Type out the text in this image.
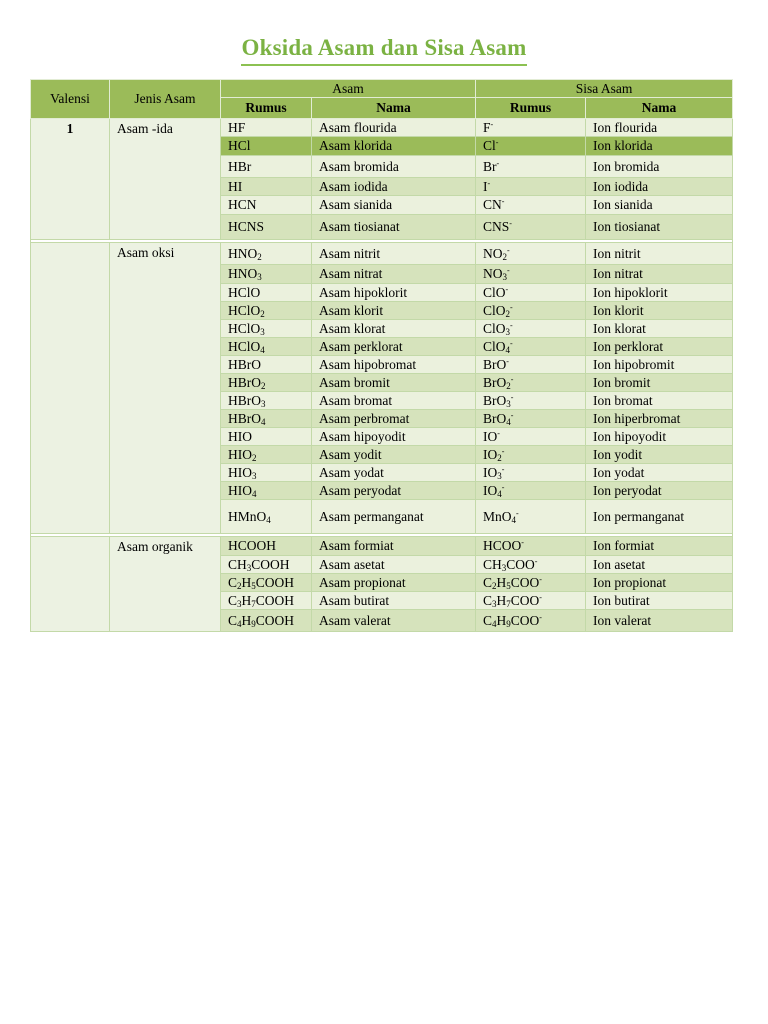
Oksida Asam dan Sisa Asam
Valensi	Jenis Asam	Asam		Sisa Asam	
		Rumus	Nama	Rumus	Nama
1	Asam -ida	HF	Asam flourida	F-	Ion flourida
		HCl	Asam klorida	Cl-	Ion klorida
		HBr	Asam bromida	Br-	Ion bromida
		HI	Asam iodida	I-	Ion iodida
		HCN	Asam sianida	CN-	Ion sianida
		HCNS	Asam tiosianat	CNS-	Ion tiosianat

	Asam oksi	$HNO_2$	Asam nitrit	$NO_2^-$	Ion nitrit
		$HNO_3$	Asam nitrat	$NO_3^-$	Ion nitrat
		HClO	Asam hipoklorit	ClO-	Ion hipoklorit
		HClO$_2$	Asam klorit	ClO$_2$-	Ion klorit
		HClO$_3$	Asam klorat	ClO$_3$-	Ion klorat
		HClO$_4$	Asam perklorat	ClO$_4$-	Ion perklorat
		HBrO	Asam hipobromat	BrO-	Ion hipobromit
		HBrO$_2$	Asam bromit	BrO$_2$-	Ion bromit
		HBrO$_3$	Asam bromat	BrO$_3$-	Ion bromat
		HBrO$_4$	Asam perbromat	BrO$_4$-	Ion hiperbromat
		HIO	Asam hipoyodit	IO-	Ion hipoyodit
		$HIO_2$	Asam yodit	$IO_2^-$	Ion yodit
		$HIO_3$	Asam yodat	$IO_3^-$	Ion yodat
		$HIO_4$	Asam peryodat	$IO_4^-$	Ion peryodat
		HMnO$_4$	Asam permanganat	MnO$_4$-	Ion permanganat

	Asam organik	HCOOH	Asam formiat	HCOO-	Ion formiat
		$CH_3COOH$	Asam asetat	$CH_3COO^-$	Ion asetat
		$C_2H_5COOH$	Asam propionat	$C_2H_5COO^-$	Ion propionat
		$C_3H_7COOH$	Asam butirat	$C_3H_7COO^-$	Ion butirat
		$C_4H_9COOH$	Asam valerat	$C_4H_9COO^-$	Ion valerat
